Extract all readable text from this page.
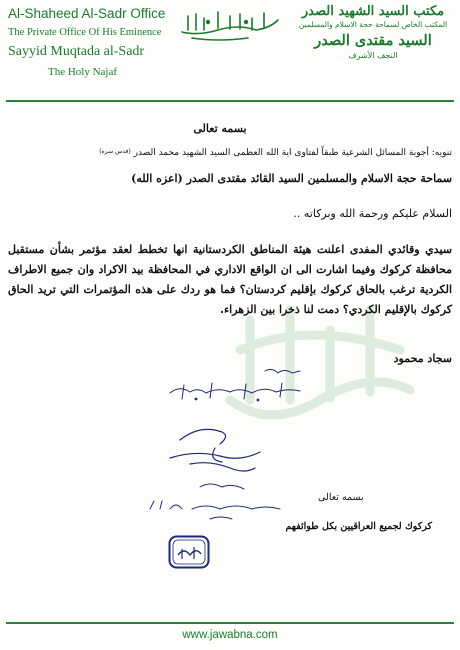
Al-Shaheed Al-Sadr Office
The Private Office Of His Eminence
Sayyid Muqtada al-Sadr
The Holy Najaf
مكتب السيد الشهيد الصدر
المكتب الخاص لسماحة حجة الاسلام والمسلمين
السيد مقتدى الصدر
النجف الأشرف
بسمه تعالى
تنويه: أجوبة المسائل الشرعية طبقاً لفتاوى اية الله العظمى السيد الشهيد محمد الصدر $^{(قدس سره)}$
سماحة حجة الاسلام والمسلمين السيد القائد مقتدى الصدر (اعزه الله)
السلام عليكم ورحمة الله وبركاته ..
سيدي وقائدي المفدى اعلنت هيئة المناطق الكردستانية انها تخطط لعقد مؤتمر بشأن مستقبل محافظة كركوك وفيما اشارت الى ان الواقع الاداري في المحافظة بيد الاكراد وان جميع الاطراف الكردية ترغب بالحاق كركوك بإقليم كردستان؟ فما هو ردك على هذه المؤتمرات التي تريد الحاق كركوك بالإقليم الكردي؟ دمت لنا ذخرا بين الزهراء.
سجاد محمود
بسمه تعالى
كركوك لجميع العراقيين بكل طوائفهم
www.jawabna.com
